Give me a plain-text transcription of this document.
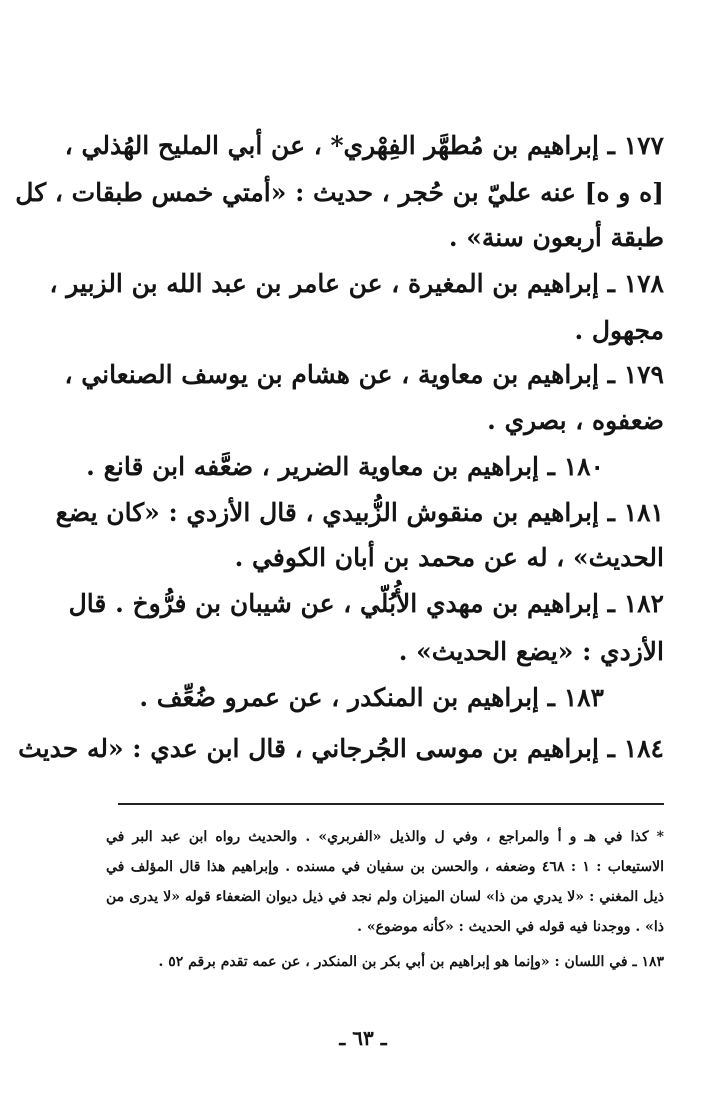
١٧٧ ـ إبراهيم بن مُطهَّر الفِهْري* ، عن أبي المليح الهُذلي ،
[ه و ه] عنه عليّ بن حُجر ، حديث : «أمتي خمس طبقات ، كل
طبقة أربعون سنة» .
١٧٨ ـ إبراهيم بن المغيرة ، عن عامر بن عبد الله بن الزبير ،
مجهول .
١٧٩ ـ إبراهيم بن معاوية ، عن هشام بن يوسف الصنعاني ،
ضعفوه ، بصري .
١٨٠ ـ إبراهيم بن معاوية الضرير ، ضعَّفه ابن قانع .
١٨١ ـ إبراهيم بن منقوش الزُّبيدي ، قال الأزدي : «كان يضع
الحديث» ، له عن محمد بن أبان الكوفي .
١٨٢ ـ إبراهيم بن مهدي الأُبُلّي ، عن شيبان بن فرُّوخ . قال
الأزدي : «يضع الحديث» .
١٨٣ ـ إبراهيم بن المنكدر ، عن عمرو ضُعِّف .
١٨٤ ـ إبراهيم بن موسى الجُرجاني ، قال ابن عدي : «له حديث
* كذا في هـ و أ والمراجع ، وفي ل والذيل «الفربري» . والحديث رواه ابن عبد البر في
الاستيعاب : ١ : ٤٦٨ وضعفه ، والحسن بن سفيان في مسنده . وإبراهيم هذا قال المؤلف في
ذيل المغني : «لا يدري من ذا» لسان الميزان ولم نجد في ذيل ديوان الضعفاء قوله «لا يدرى من
ذا» . ووجدنا فيه قوله في الحديث : «كأنه موضوع» .
١٨٣ ـ في اللسان : «وإنما هو إبراهيم بن أبي بكر بن المنكدر ، عن عمه تقدم برقم ٥٢ .
ـ ٦٣ ـ
